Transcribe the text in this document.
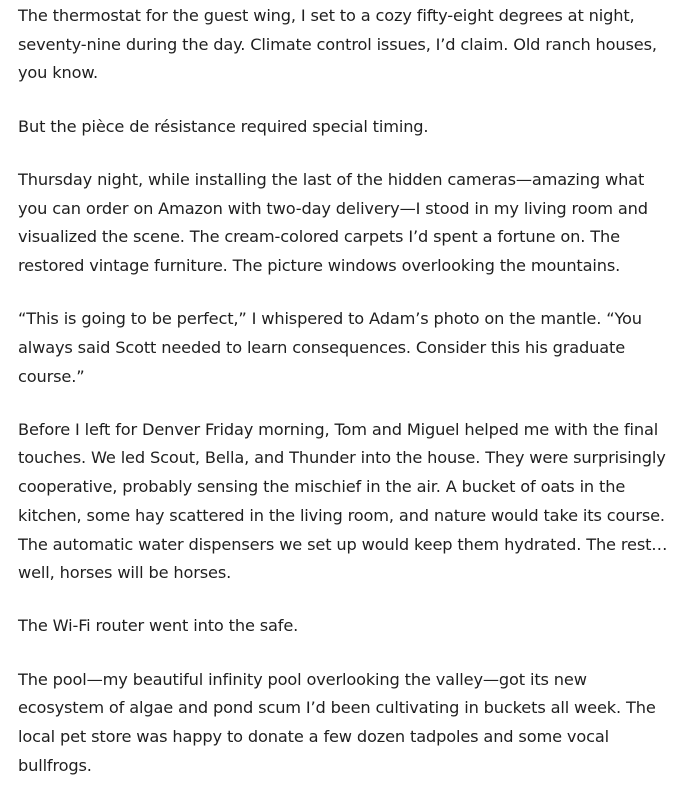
The thermostat for the guest wing, I set to a cozy fifty-eight degrees at night, seventy-nine during the day. Climate control issues, I’d claim. Old ranch houses, you know.

But the pièce de résistance required special timing.

Thursday night, while installing the last of the hidden cameras—amazing what you can order on Amazon with two-day delivery—I stood in my living room and visualized the scene. The cream-colored carpets I’d spent a fortune on. The restored vintage furniture. The picture windows overlooking the mountains.

“This is going to be perfect,” I whispered to Adam’s photo on the mantle. “You always said Scott needed to learn consequences. Consider this his graduate course.”

Before I left for Denver Friday morning, Tom and Miguel helped me with the final touches. We led Scout, Bella, and Thunder into the house. They were surprisingly cooperative, probably sensing the mischief in the air. A bucket of oats in the kitchen, some hay scattered in the living room, and nature would take its course. The automatic water dispensers we set up would keep them hydrated. The rest… well, horses will be horses.

The Wi-Fi router went into the safe.

The pool—my beautiful infinity pool overlooking the valley—got its new ecosystem of algae and pond scum I’d been cultivating in buckets all week. The local pet store was happy to donate a few dozen tadpoles and some vocal bullfrogs.
